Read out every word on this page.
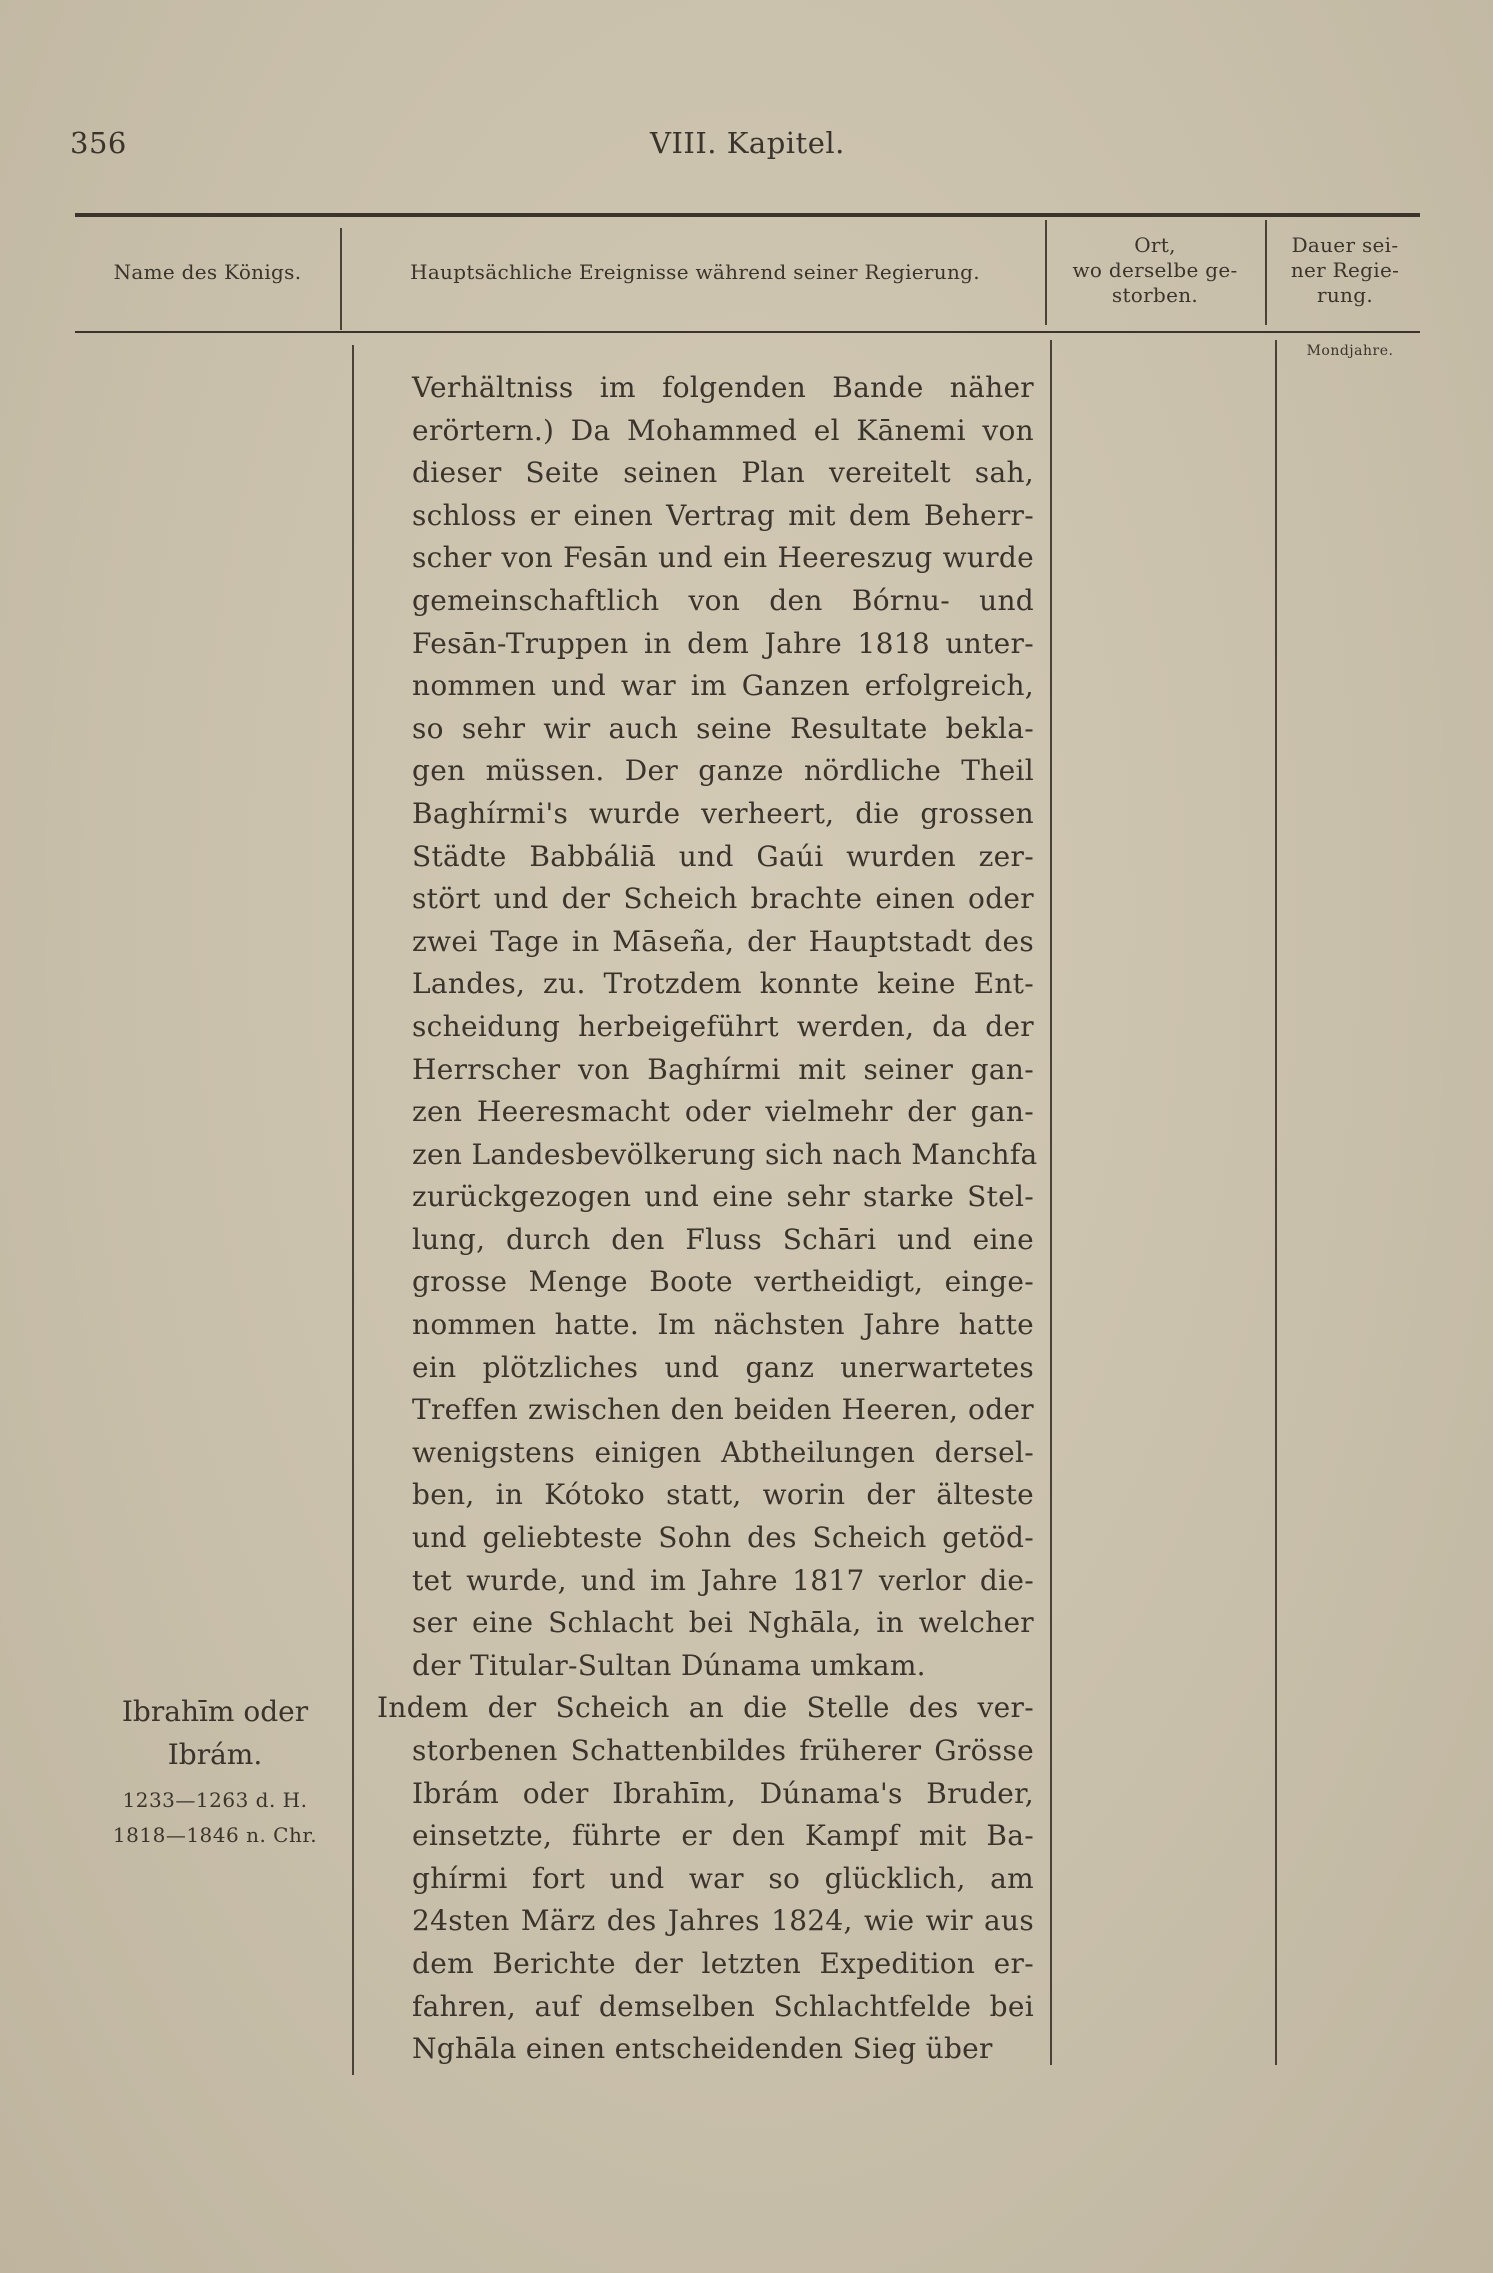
356	VIII. Kapitel.
Name des Königs.	Hauptsächliche Ereignisse während seiner Regierung.
Ort,
wo derselbe ge-
storben.
Dauer sei-
ner Regie-
rung.
Mondjahre.
Verhältniss im folgenden Bande näher
erörtern.) Da Mohammed el Kānemi von
dieser Seite seinen Plan vereitelt sah,
schloss er einen Vertrag mit dem Beherr-
scher von Fesān und ein Heereszug wurde
gemeinschaftlich von den Bórnu- und
Fesān-Truppen in dem Jahre 1818 unter-
nommen und war im Ganzen erfolgreich,
so sehr wir auch seine Resultate bekla-
gen müssen. Der ganze nördliche Theil
Baghírmi's wurde verheert, die grossen
Städte Babbáliā und Gaúi wurden zer-
stört und der Scheich brachte einen oder
zwei Tage in Māseña, der Hauptstadt des
Landes, zu. Trotzdem konnte keine Ent-
scheidung herbeigeführt werden, da der
Herrscher von Baghírmi mit seiner gan-
zen Heeresmacht oder vielmehr der gan-
zen Landesbevölkerung sich nach Manchfa
zurückgezogen und eine sehr starke Stel-
lung, durch den Fluss Schāri und eine
grosse Menge Boote vertheidigt, einge-
nommen hatte. Im nächsten Jahre hatte
ein plötzliches und ganz unerwartetes
Treffen zwischen den beiden Heeren, oder
wenigstens einigen Abtheilungen dersel-
ben, in Kótoko statt, worin der älteste
und geliebteste Sohn des Scheich getöd-
tet wurde, und im Jahre 1817 verlor die-
ser eine Schlacht bei Nghāla, in welcher
der Titular-Sultan Dúnama umkam.
Indem der Scheich an die Stelle des ver-
storbenen Schattenbildes früherer Grösse
Ibrám oder Ibrahīm, Dúnama's Bruder,
einsetzte, führte er den Kampf mit Ba-
ghírmi fort und war so glücklich, am
24sten März des Jahres 1824, wie wir aus
dem Berichte der letzten Expedition er-
fahren, auf demselben Schlachtfelde bei
Nghāla einen entscheidenden Sieg über
Ibrahīm oder
Ibrám.
1233—1263 d. H.
1818—1846 n. Chr.
